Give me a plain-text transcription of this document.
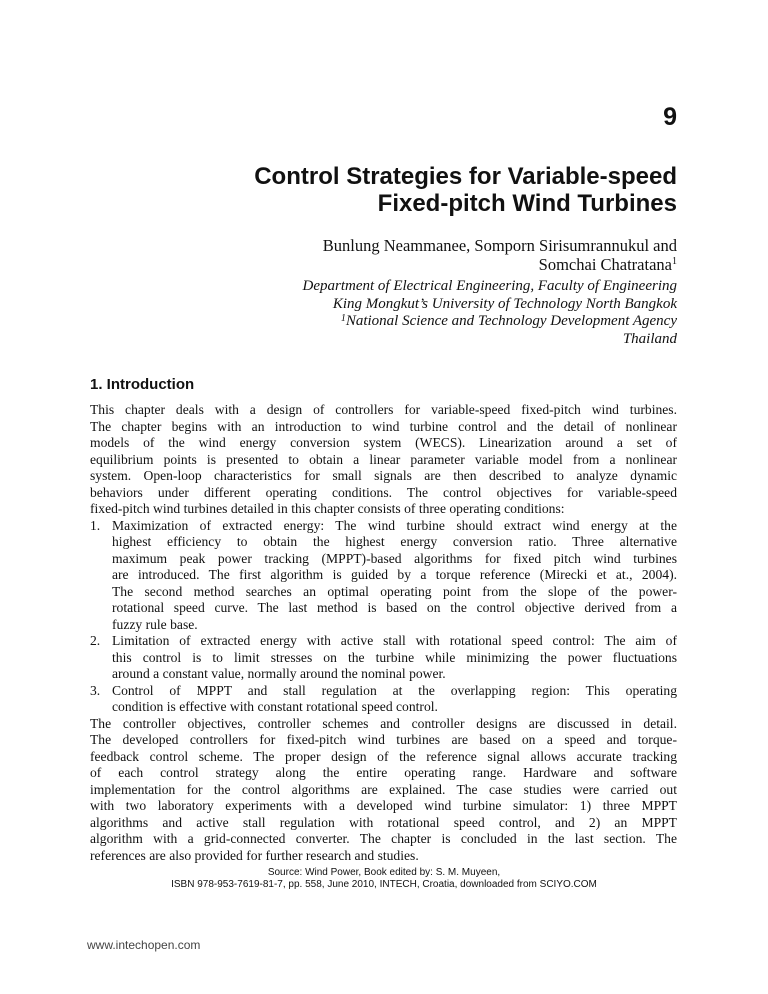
9
Control Strategies for Variable-speed
Fixed-pitch Wind Turbines
Bunlung Neammanee, Somporn Sirisumrannukul and
Somchai Chatratana$^1$
Department of Electrical Engineering, Faculty of Engineering
King Mongkut’s University of Technology North Bangkok
$^1$National Science and Technology Development Agency
Thailand
1. Introduction
This chapter deals with a design of controllers for variable-speed fixed-pitch wind turbines.
The chapter begins with an introduction to wind turbine control and the detail of nonlinear
models of the wind energy conversion system (WECS). Linearization around a set of
equilibrium points is presented to obtain a linear parameter variable model from a nonlinear
system. Open-loop characteristics for small signals are then described to analyze dynamic
behaviors under different operating conditions. The control objectives for variable-speed
fixed-pitch wind turbines detailed in this chapter consists of three operating conditions:
1. Maximization of extracted energy: The wind turbine should extract wind energy at the
highest efficiency to obtain the highest energy conversion ratio. Three alternative
maximum peak power tracking (MPPT)-based algorithms for fixed pitch wind turbines
are introduced. The first algorithm is guided by a torque reference (Mirecki et at., 2004).
The second method searches an optimal operating point from the slope of the power-
rotational speed curve. The last method is based on the control objective derived from a
fuzzy rule base.
2. Limitation of extracted energy with active stall with rotational speed control: The aim of
this control is to limit stresses on the turbine while minimizing the power fluctuations
around a constant value, normally around the nominal power.
3. Control of MPPT and stall regulation at the overlapping region: This operating
condition is effective with constant rotational speed control.
The controller objectives, controller schemes and controller designs are discussed in detail.
The developed controllers for fixed-pitch wind turbines are based on a speed and torque-
feedback control scheme. The proper design of the reference signal allows accurate tracking
of each control strategy along the entire operating range. Hardware and software
implementation for the control algorithms are explained. The case studies were carried out
with two laboratory experiments with a developed wind turbine simulator: 1) three MPPT
algorithms and active stall regulation with rotational speed control, and 2) an MPPT
algorithm with a grid-connected converter. The chapter is concluded in the last section. The
references are also provided for further research and studies.
Source: Wind Power, Book edited by: S. M. Muyeen,
ISBN 978-953-7619-81-7, pp. 558, June 2010, INTECH, Croatia, downloaded from SCIYO.COM
www.intechopen.com
